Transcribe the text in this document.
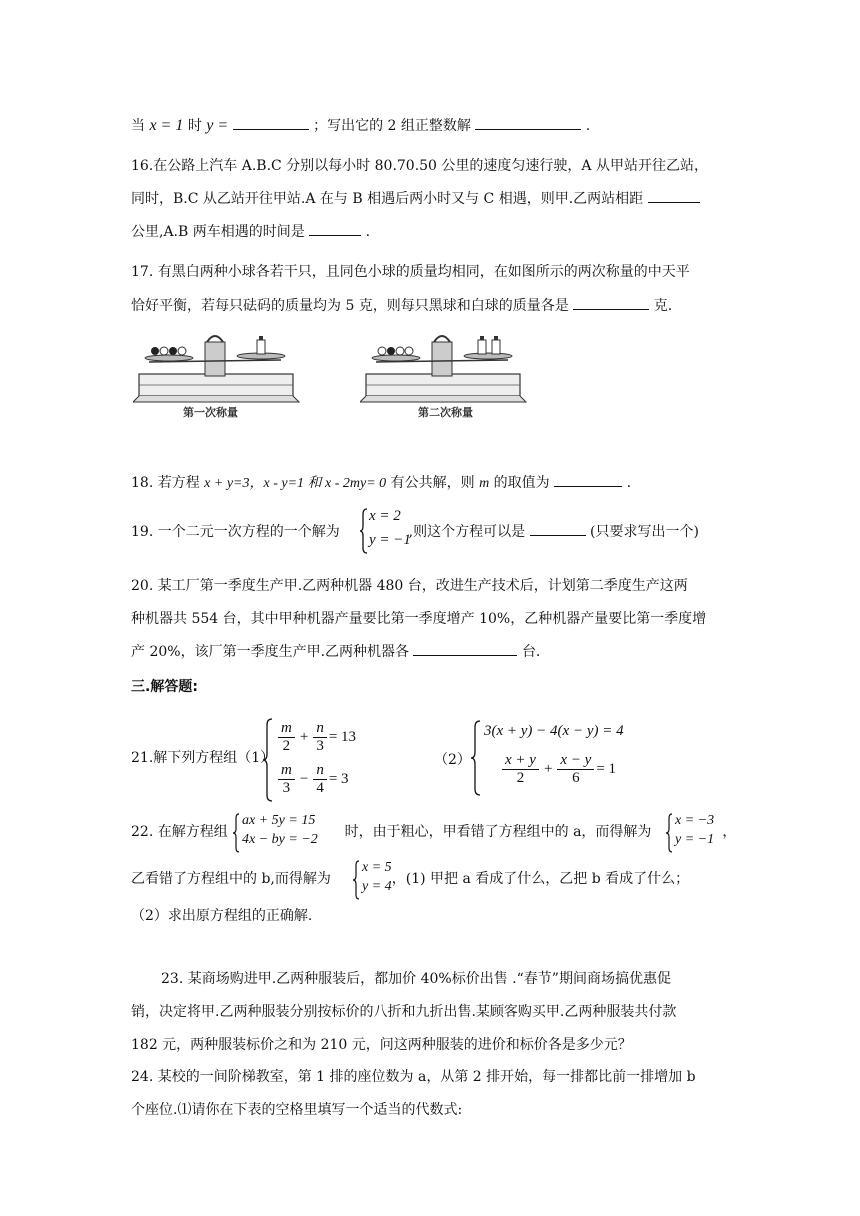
当 x = 1 时 y =	；写出它的 2 组正整数解	.
16.在公路上汽车 A.B.C 分别以每小时 80.70.50 公里的速度匀速行驶，A 从甲站开往乙站，
同时，B.C 从乙站开往甲站.A 在与 B 相遇后两小时又与 C 相遇，则甲.乙两站相距
公里,A.B 两车相遇的时间是	.
17. 有黑白两种小球各若干只，且同色小球的质量均相同，在如图所示的两次称量的中天平
恰好平衡，若每只砝码的质量均为 5 克，则每只黑球和白球的质量各是	克.
第一次称量	第二次称量
18. 若方程 x + y=3，x - y=1 和 x - 2my= 0 有公共解，则 m 的取值为	.
19. 一个二元一次方程的一个解为	,则这个方程可以是	(只要求写出一个)
x = 2
y = −1
20. 某工厂第一季度生产甲.乙两种机器 480 台，改进生产技术后，计划第二季度生产这两
种机器共 554 台，其中甲种机器产量要比第一季度增产 10%，乙种机器产量要比第一季度增
产 20%，该厂第一季度生产甲.乙两种机器各	台.
三.解答题:
21.解下列方程组（1）
$\frac{m}{2} + \frac{n}{3} = 13$
$\frac{m}{3} - \frac{n}{4} = 3$
（2）
3(x + y) − 4(x − y) = 4
$\frac{x + y}{2} + \frac{x - y}{6} = 1$
22. 在解方程组	时，由于粗心，甲看错了方程组中的 a，而得解为	，
ax + 5y = 15
4x − by = −2
x = −3
y = −1
乙看错了方程组中的 b,而得解为	，(1) 甲把 a 看成了什么，乙把 b 看成了什么；
x = 5
y = 4
（2）求出原方程组的正确解.
23. 某商场购进甲.乙两种服装后，都加价 40%标价出售 .“春节”期间商场搞优惠促
销，决定将甲.乙两种服装分别按标价的八折和九折出售.某顾客购买甲.乙两种服装共付款
182 元，两种服装标价之和为 210 元，问这两种服装的进价和标价各是多少元？
24. 某校的一间阶梯教室，第 1 排的座位数为 a，从第 2 排开始，每一排都比前一排增加 b
个座位.⑴请你在下表的空格里填写一个适当的代数式:
